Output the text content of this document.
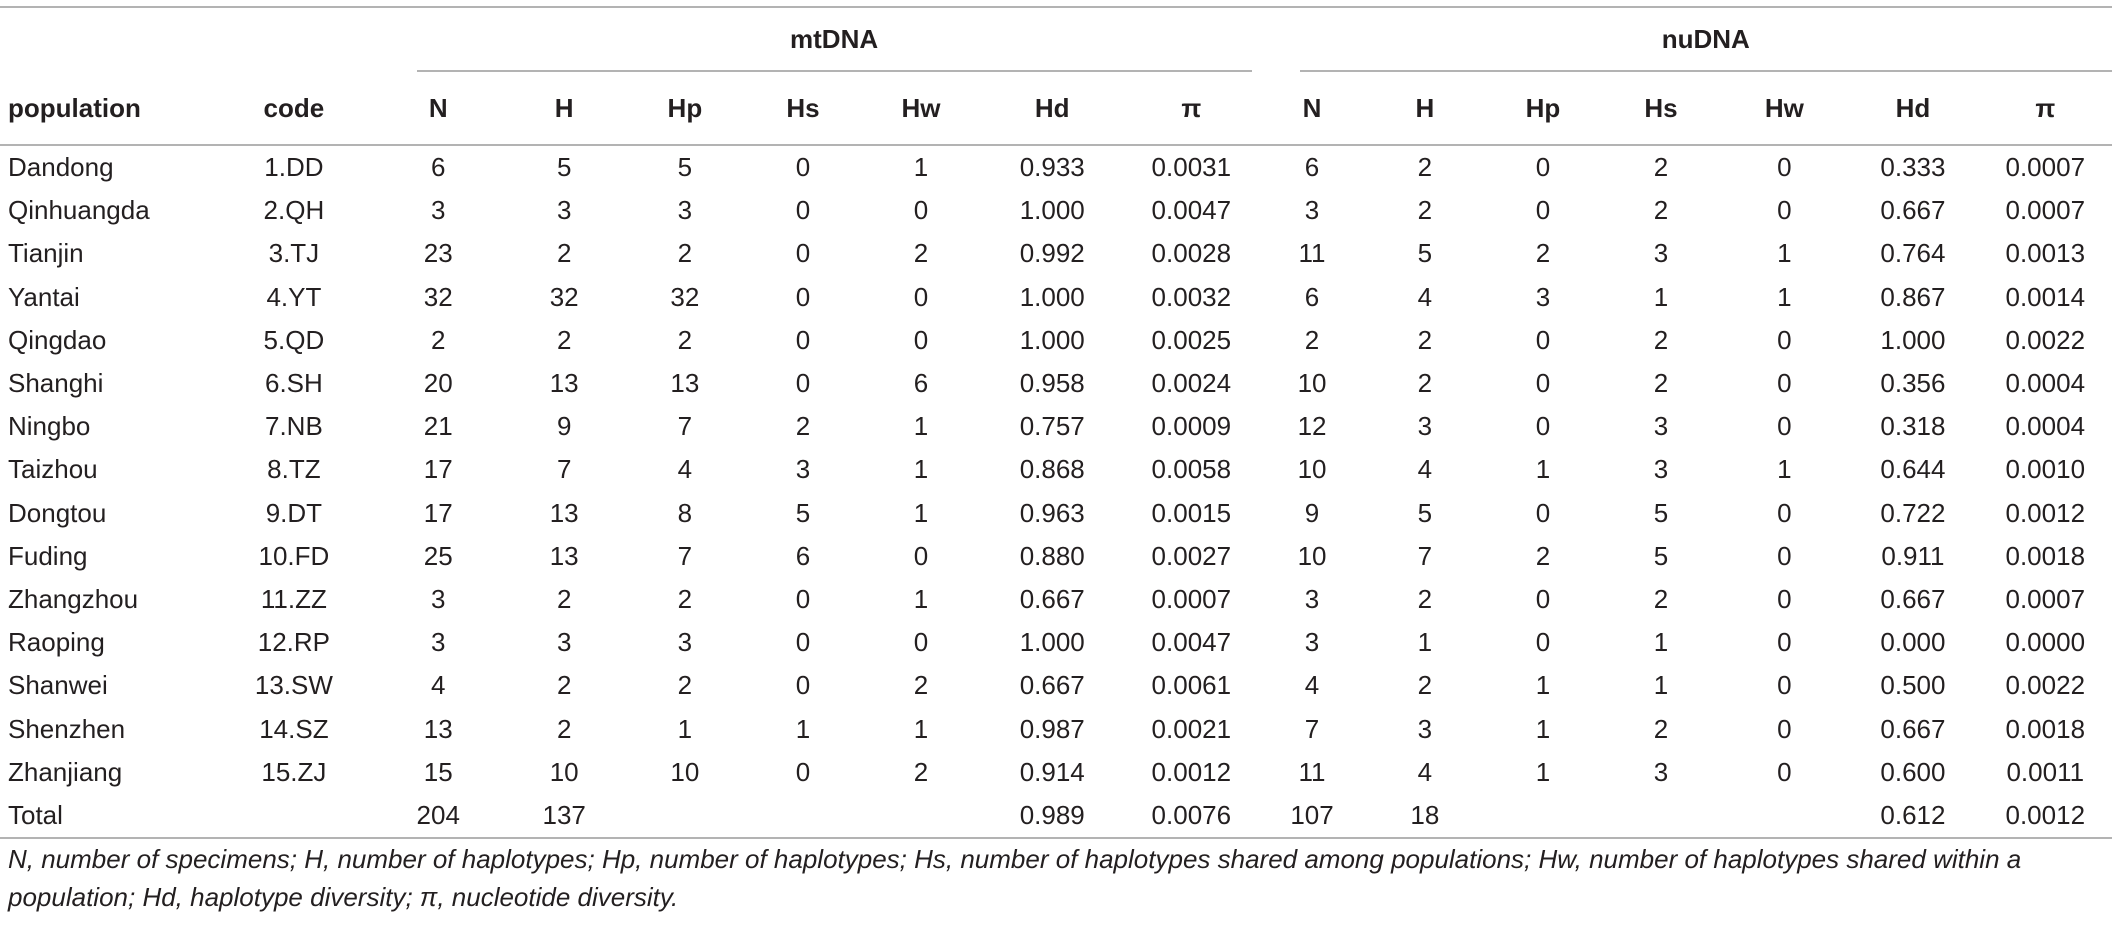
		mtDNA							nuDNA						

population	code	N	H	Hp	Hs	Hw	Hd	π	N	H	Hp	Hs	Hw	Hd	π
Dandong	1.DD	6	5	5	0	1	0.933	0.0031	6	2	0	2	0	0.333	0.0007
Qinhuangda	2.QH	3	3	3	0	0	1.000	0.0047	3	2	0	2	0	0.667	0.0007
Tianjin	3.TJ	23	2	2	0	2	0.992	0.0028	11	5	2	3	1	0.764	0.0013
Yantai	4.YT	32	32	32	0	0	1.000	0.0032	6	4	3	1	1	0.867	0.0014
Qingdao	5.QD	2	2	2	0	0	1.000	0.0025	2	2	0	2	0	1.000	0.0022
Shanghi	6.SH	20	13	13	0	6	0.958	0.0024	10	2	0	2	0	0.356	0.0004
Ningbo	7.NB	21	9	7	2	1	0.757	0.0009	12	3	0	3	0	0.318	0.0004
Taizhou	8.TZ	17	7	4	3	1	0.868	0.0058	10	4	1	3	1	0.644	0.0010
Dongtou	9.DT	17	13	8	5	1	0.963	0.0015	9	5	0	5	0	0.722	0.0012
Fuding	10.FD	25	13	7	6	0	0.880	0.0027	10	7	2	5	0	0.911	0.0018
Zhangzhou	11.ZZ	3	2	2	0	1	0.667	0.0007	3	2	0	2	0	0.667	0.0007
Raoping	12.RP	3	3	3	0	0	1.000	0.0047	3	1	0	1	0	0.000	0.0000
Shanwei	13.SW	4	2	2	0	2	0.667	0.0061	4	2	1	1	0	0.500	0.0022
Shenzhen	14.SZ	13	2	1	1	1	0.987	0.0021	7	3	1	2	0	0.667	0.0018
Zhanjiang	15.ZJ	15	10	10	0	2	0.914	0.0012	11	4	1	3	0	0.600	0.0011
Total		204	137				0.989	0.0076	107	18				0.612	0.0012
N, number of specimens; H, number of haplotypes; Hp, number of haplotypes; Hs, number of haplotypes shared among populations; Hw, number of haplotypes shared within a population; Hd, haplotype diversity; π, nucleotide diversity.
